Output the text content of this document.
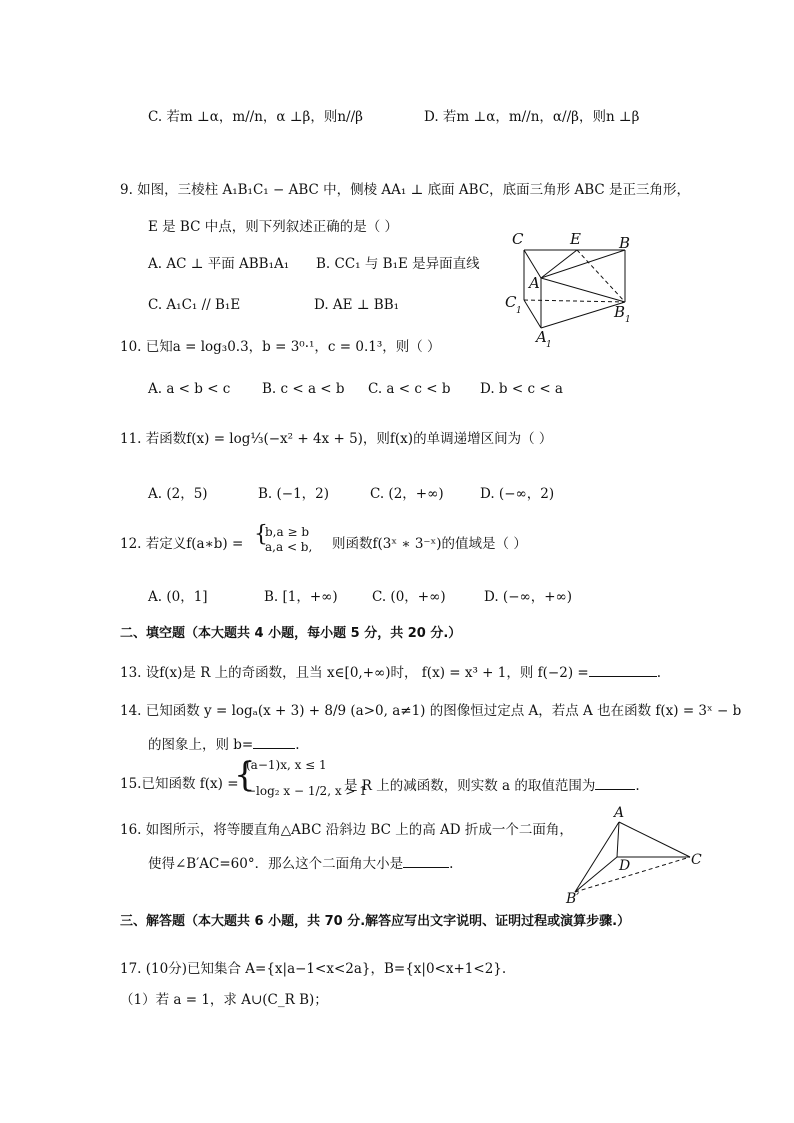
C. 若m ⊥α，m//n，α ⊥β，则n//β	D. 若m ⊥α，m//n，α//β，则n ⊥β
9. 如图，三棱柱 A₁B₁C₁ − ABC 中，侧棱 AA₁ ⊥ 底面 ABC，底面三角形 ABC 是正三角形，
E 是 BC 中点，则下列叙述正确的是（ ）
A. AC ⊥ 平面 ABB₁A₁ B. CC₁ 与 B₁E 是异面直线
C. A₁C₁ // B₁E	D. AE ⊥ BB₁
C	E	B
A
C 1	B 1
A 1
10. 已知a = log₃0.3，b = 3⁰·¹，c = 0.1³，则（ ）
A. a < b < c B. c < a < b C. a < c < b D. b < c < a
11. 若函数f(x) = log⅓(−x² + 4x + 5)，则f(x)的单调递增区间为（ ）
A. (2，5)	B. (−1，2)	C. (2，+∞)	D. (−∞，2)
12. 若定义f(a∗b) = {
b,a ≥ b
a,a < b, 则函数f(3ˣ ∗ 3⁻ˣ)的值域是（ ）
A. (0，1]	B. [1，+∞)	C. (0，+∞)	D. (−∞，+∞)
二、填空题（本大题共 4 小题，每小题 5 分，共 20 分.）
13. 设f(x)是 R 上的奇函数，且当 x∈[0,+∞)时， f(x) = x³ + 1，则 f(−2) =	.
14. 已知函数 y = logₐ(x + 3) + 8/9 (a>0, a≠1) 的图像恒过定点 A，若点 A 也在函数 f(x) = 3ˣ − b
的图象上，则 b=	.
15.已知函数 f(x) =
{
(a−1)x, x ≤ 1
−log₂ x − 1/2, x > 1
是 R 上的减函数，则实数 a 的取值范围为	.
16. 如图所示，将等腰直角△ABC 沿斜边 BC 上的高 AD 折成一个二面角，
使得∠B′AC=60°．那么这个二面角大小是	.
A
D	C
B′
三、解答题（本大题共 6 小题，共 70 分.解答应写出文字说明、证明过程或演算步骤.）
17. (10分)已知集合 A={x|a−1<x<2a}，B={x|0<x+1<2}.
（1）若 a = 1，求 A∪(C_R B)；
